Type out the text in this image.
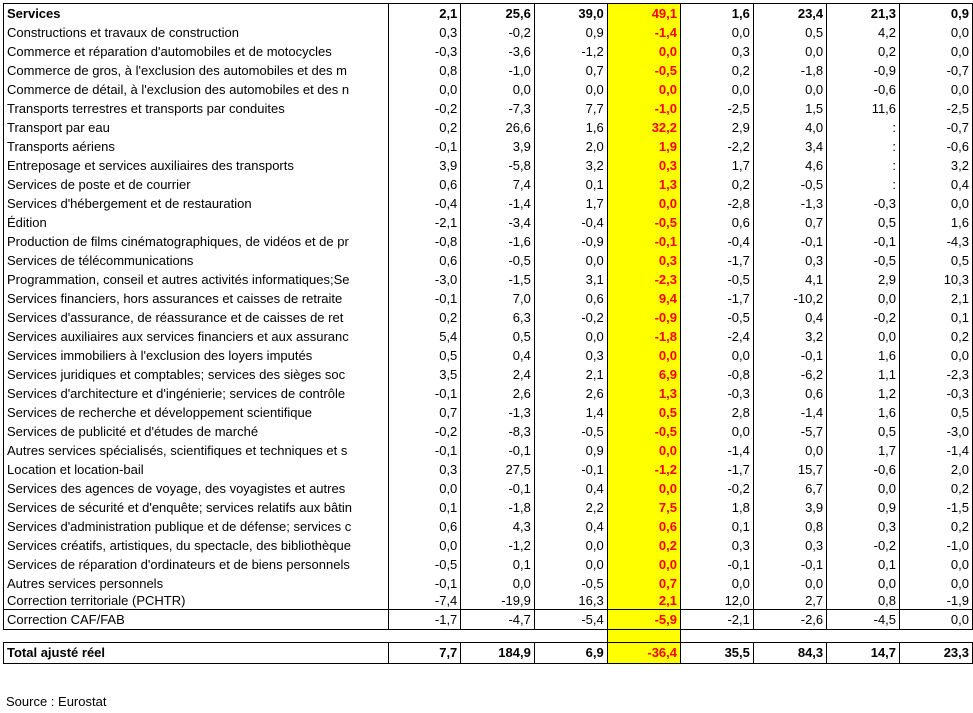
Services	2,1	25,6	39,0	49,1	1,6	23,4	21,3	0,9
Constructions et travaux de construction	0,3	-0,2	0,9	-1,4	0,0	0,5	4,2	0,0
Commerce et réparation d'automobiles et de motocycles	-0,3	-3,6	-1,2	0,0	0,3	0,0	0,2	0,0
Commerce de gros, à l'exclusion des automobiles et des m	0,8	-1,0	0,7	-0,5	0,2	-1,8	-0,9	-0,7
Commerce de détail, à l'exclusion des automobiles et des n	0,0	0,0	0,0	0,0	0,0	0,0	-0,6	0,0
Transports terrestres et transports par conduites	-0,2	-7,3	7,7	-1,0	-2,5	1,5	11,6	-2,5
Transport par eau	0,2	26,6	1,6	32,2	2,9	4,0	:	-0,7
Transports aériens	-0,1	3,9	2,0	1,9	-2,2	3,4	:	-0,6
Entreposage et services auxiliaires des transports	3,9	-5,8	3,2	0,3	1,7	4,6	:	3,2
Services de poste et de courrier	0,6	7,4	0,1	1,3	0,2	-0,5	:	0,4
Services d'hébergement et de restauration	-0,4	-1,4	1,7	0,0	-2,8	-1,3	-0,3	0,0
Édition	-2,1	-3,4	-0,4	-0,5	0,6	0,7	0,5	1,6
Production de films cinématographiques, de vidéos et de pr	-0,8	-1,6	-0,9	-0,1	-0,4	-0,1	-0,1	-4,3
Services de télécommunications	0,6	-0,5	0,0	0,3	-1,7	0,3	-0,5	0,5
Programmation, conseil et autres activités informatiques;Se	-3,0	-1,5	3,1	-2,3	-0,5	4,1	2,9	10,3
Services financiers, hors assurances et caisses de retraite	-0,1	7,0	0,6	9,4	-1,7	-10,2	0,0	2,1
Services d'assurance, de réassurance et de caisses de ret	0,2	6,3	-0,2	-0,9	-0,5	0,4	-0,2	0,1
Services auxiliaires aux services financiers et aux assuranc	5,4	0,5	0,0	-1,8	-2,4	3,2	0,0	0,2
Services immobiliers à l'exclusion des loyers imputés	0,5	0,4	0,3	0,0	0,0	-0,1	1,6	0,0
Services juridiques et comptables; services des sièges soc	3,5	2,4	2,1	6,9	-0,8	-6,2	1,1	-2,3
Services d'architecture et d'ingénierie; services de contrôle	-0,1	2,6	2,6	1,3	-0,3	0,6	1,2	-0,3
Services de recherche et développement scientifique	0,7	-1,3	1,4	0,5	2,8	-1,4	1,6	0,5
Services de publicité et d'études de marché	-0,2	-8,3	-0,5	-0,5	0,0	-5,7	0,5	-3,0
Autres services spécialisés, scientifiques et techniques et s	-0,1	-0,1	0,9	0,0	-1,4	0,0	1,7	-1,4
Location et location-bail	0,3	27,5	-0,1	-1,2	-1,7	15,7	-0,6	2,0
Services des agences de voyage, des voyagistes et autres	0,0	-0,1	0,4	0,0	-0,2	6,7	0,0	0,2
Services de sécurité et d'enquête; services relatifs aux bâtin	0,1	-1,8	2,2	7,5	1,8	3,9	0,9	-1,5
Services d'administration publique et de défense; services c	0,6	4,3	0,4	0,6	0,1	0,8	0,3	0,2
Services créatifs, artistiques, du spectacle, des bibliothèque	0,0	-1,2	0,0	0,2	0,3	0,3	-0,2	-1,0
Services de réparation d'ordinateurs et de biens personnels	-0,5	0,1	0,0	0,0	-0,1	-0,1	0,1	0,0
Autres services personnels	-0,1	0,0	-0,5	0,7	0,0	0,0	0,0	0,0
Correction territoriale (PCHTR)	-7,4	-19,9	16,3	2,1	12,0	2,7	0,8	-1,9
Correction CAF/FAB	-1,7	-4,7	-5,4	-5,9	-2,1	-2,6	-4,5	0,0

Total ajusté réel	7,7	184,9	6,9	-36,4	35,5	84,3	14,7	23,3
Source : Eurostat
